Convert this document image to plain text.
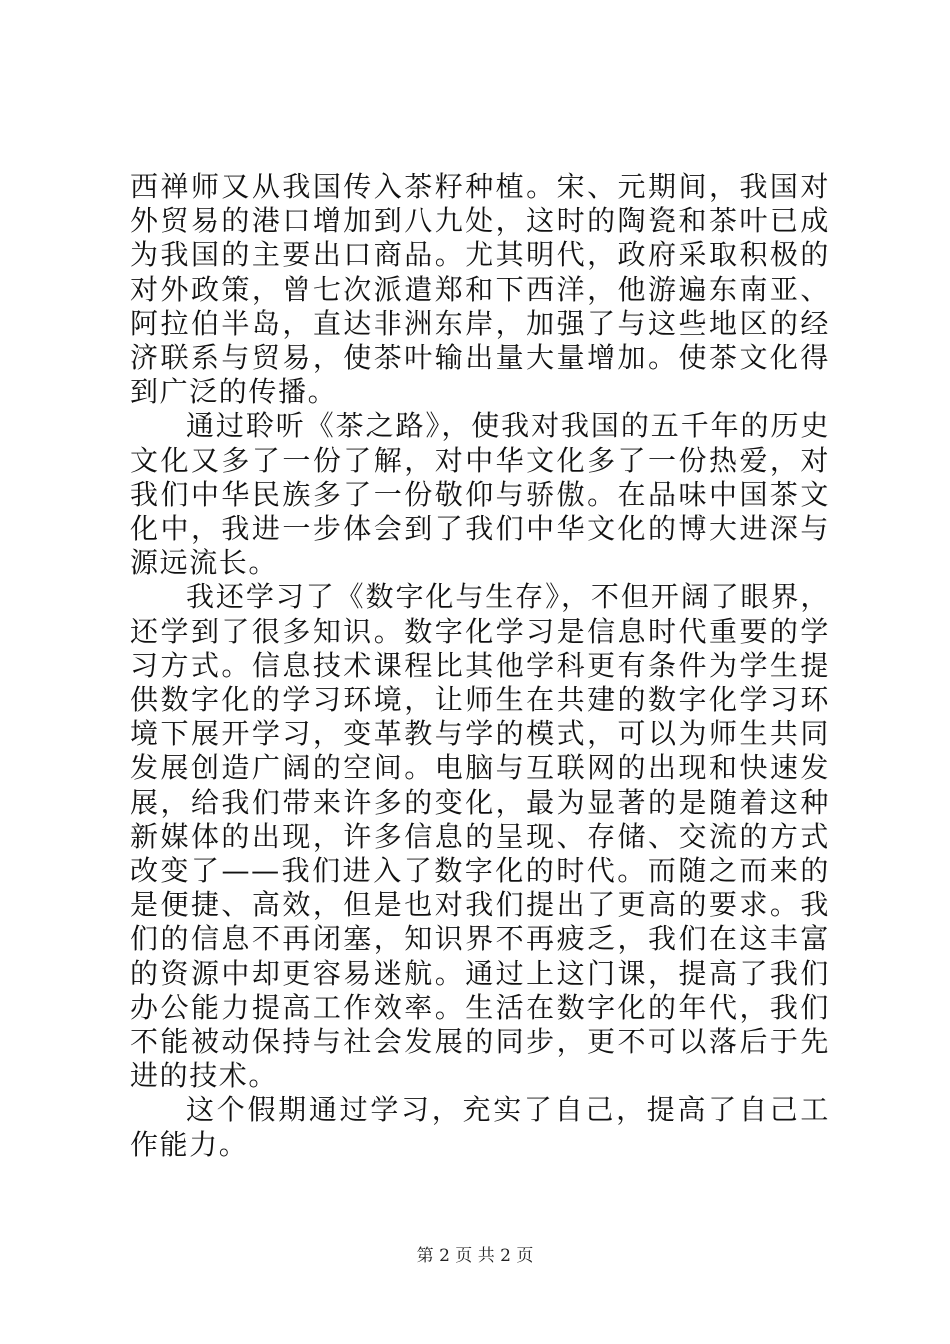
西禅师又从我国传入茶籽种植。宋、元期间，我国对外贸易的港口增加到八九处，这时的陶瓷和茶叶已成为我国的主要出口商品。尤其明代，政府采取积极的对外政策，曾七次派遣郑和下西洋，他游遍东南亚、阿拉伯半岛，直达非洲东岸，加强了与这些地区的经济联系与贸易，使茶叶输出量大量增加。使茶文化得到广泛的传播。

通过聆听《茶之路》，使我对我国的五千年的历史文化又多了一份了解，对中华文化多了一份热爱，对我们中华民族多了一份敬仰与骄傲。在品味中国茶文化中，我进一步体会到了我们中华文化的博大进深与源远流长。

我还学习了《数字化与生存》，不但开阔了眼界，还学到了很多知识。数字化学习是信息时代重要的学习方式。信息技术课程比其他学科更有条件为学生提供数字化的学习环境，让师生在共建的数字化学习环境下展开学习，变革教与学的模式，可以为师生共同发展创造广阔的空间。电脑与互联网的出现和快速发展，给我们带来许多的变化，最为显著的是随着这种新媒体的出现，许多信息的呈现、存储、交流的方式改变了——我们进入了数字化的时代。而随之而来的是便捷、高效，但是也对我们提出了更高的要求。我们的信息不再闭塞，知识界不再疲乏，我们在这丰富的资源中却更容易迷航。通过上这门课，提高了我们办公能力提高工作效率。生活在数字化的年代，我们不能被动保持与社会发展的同步，更不可以落后于先进的技术。

这个假期通过学习，充实了自己，提高了自己工作能力。

第 2 页 共 2 页
